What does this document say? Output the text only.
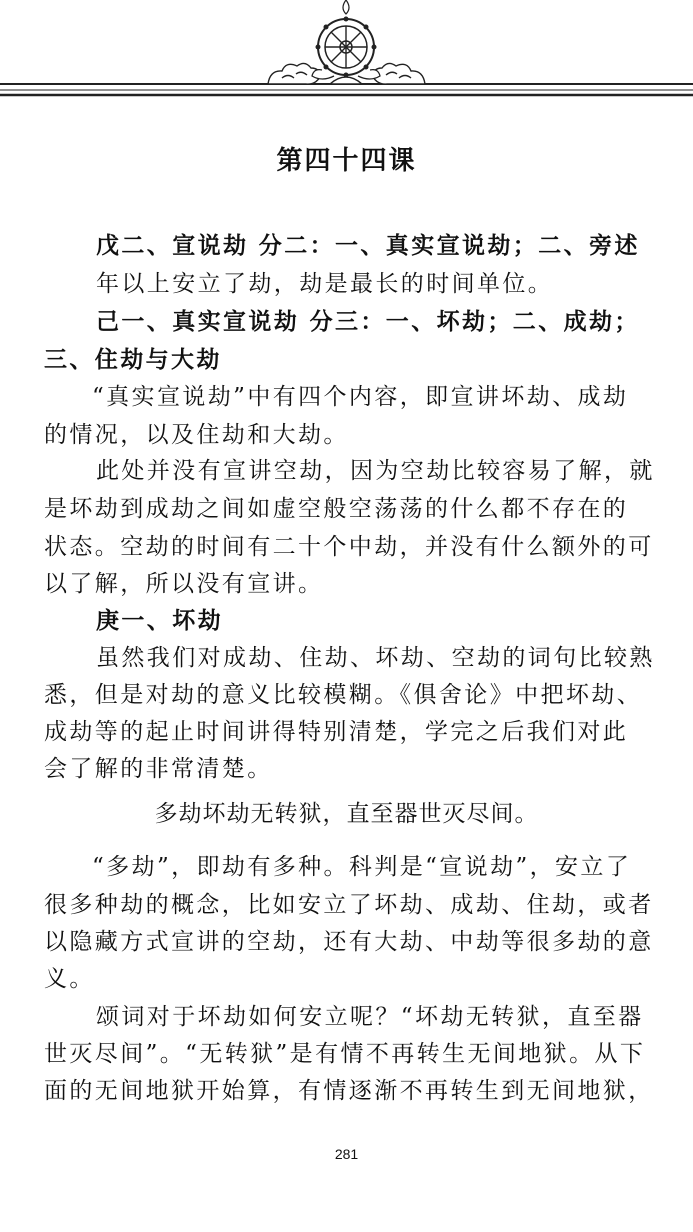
第四十四课
戊二、宣说劫 分二：一、真实宣说劫；二、旁述
年以上安立了劫，劫是最长的时间单位。
己一、真实宣说劫 分三：一、坏劫；二、成劫；
三、住劫与大劫
“真实宣说劫”中有四个内容，即宣讲坏劫、成劫
的情况，以及住劫和大劫。
此处并没有宣讲空劫，因为空劫比较容易了解，就
是坏劫到成劫之间如虚空般空荡荡的什么都不存在的
状态。空劫的时间有二十个中劫，并没有什么额外的可
以了解，所以没有宣讲。
庚一、坏劫
虽然我们对成劫、住劫、坏劫、空劫的词句比较熟
悉，但是对劫的意义比较模糊。《俱舍论》中把坏劫、
成劫等的起止时间讲得特别清楚，学完之后我们对此
会了解的非常清楚。
多劫坏劫无转狱，直至器世灭尽间。
“多劫”，即劫有多种。科判是“宣说劫”，安立了
很多种劫的概念，比如安立了坏劫、成劫、住劫，或者
以隐藏方式宣讲的空劫，还有大劫、中劫等很多劫的意
义。
颂词对于坏劫如何安立呢？“坏劫无转狱，直至器
世灭尽间”。“无转狱”是有情不再转生无间地狱。从下
面的无间地狱开始算，有情逐渐不再转生到无间地狱，
281
